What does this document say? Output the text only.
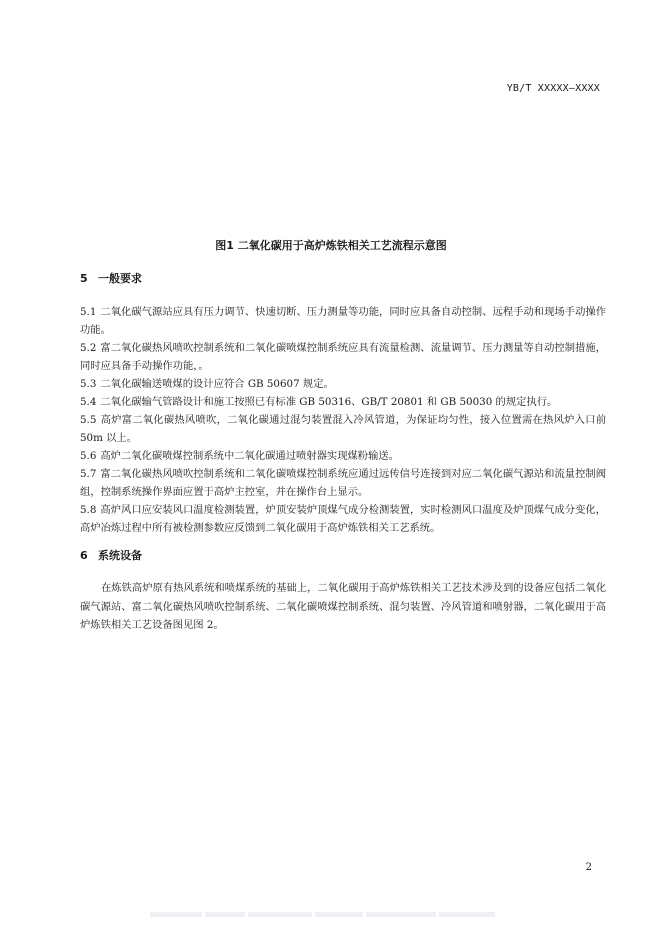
YB/T XXXXX—XXXX
图1 二氧化碳用于高炉炼铁相关工艺流程示意图
5 一般要求

5.1 二氧化碳气源站应具有压力调节、快速切断、压力测量等功能，同时应具备自动控制、远程手动和现场手动操作功能。

5.2 富二氧化碳热风喷吹控制系统和二氧化碳喷煤控制系统应具有流量检测、流量调节、压力测量等自动控制措施，同时应具备手动操作功能，。

5.3 二氧化碳输送喷煤的设计应符合 GB 50607 规定。

5.4 二氧化碳输气管路设计和施工按照已有标准 GB 50316、GB/T 20801 和 GB 50030 的规定执行。

5.5 高炉富二氧化碳热风喷吹，二氧化碳通过混匀装置混入冷风管道，为保证均匀性，接入位置需在热风炉入口前 50m 以上。

5.6 高炉二氧化碳喷煤控制系统中二氧化碳通过喷射器实现煤粉输送。

5.7 富二氧化碳热风喷吹控制系统和二氧化碳喷煤控制系统应通过远传信号连接到对应二氧化碳气源站和流量控制阀组，控制系统操作界面应置于高炉主控室，并在操作台上显示。

5.8 高炉风口应安装风口温度检测装置，炉顶安装炉顶煤气成分检测装置，实时检测风口温度及炉顶煤气成分变化，高炉冶炼过程中所有被检测参数应反馈到二氧化碳用于高炉炼铁相关工艺系统。

6 系统设备

在炼铁高炉原有热风系统和喷煤系统的基础上，二氧化碳用于高炉炼铁相关工艺技术涉及到的设备应包括二氧化碳气源站、富二氧化碳热风喷吹控制系统、二氧化碳喷煤控制系统、混匀装置、冷风管道和喷射器，二氧化碳用于高炉炼铁相关工艺设备图见图 2。

2
